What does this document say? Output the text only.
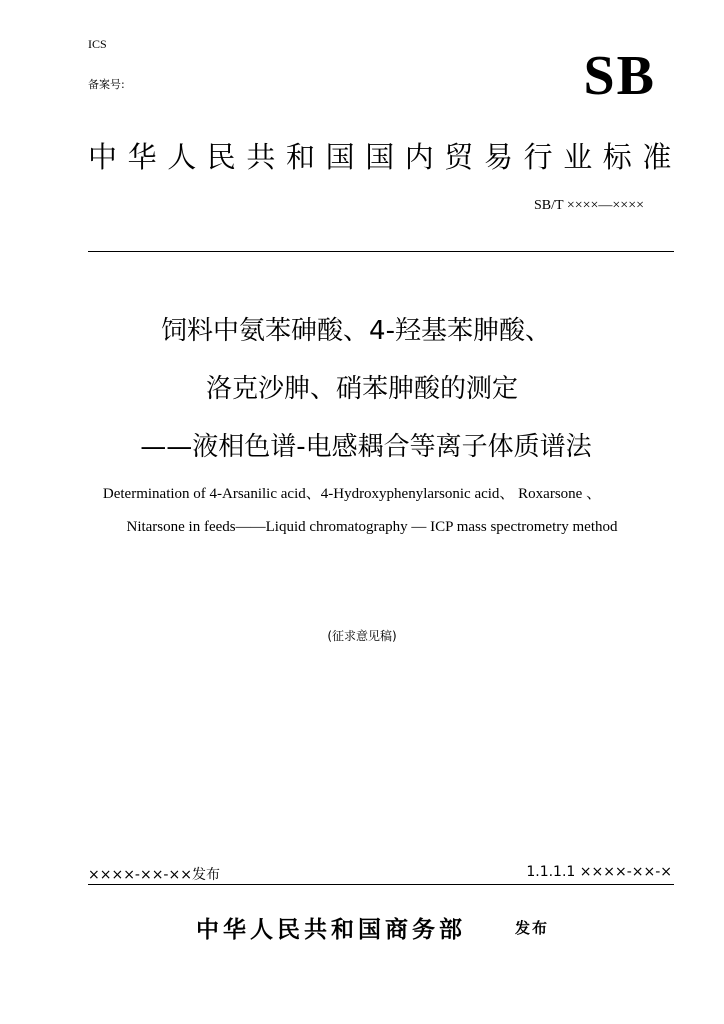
ICS
备案号:	SB
中华人民共和国国内贸易行业标准
SB/T ××××—××××
饲料中氨苯砷酸、4-羟基苯胂酸、
洛克沙胂、硝苯胂酸的测定
——液相色谱-电感耦合等离子体质谱法
Determination of 4-Arsanilic acid、4-Hydroxyphenylarsonic acid、 Roxarsone 、
Nitarsone in feeds——Liquid chromatography — ICP mass spectrometry method
(征求意见稿)
××××-××-××发布	1.1.1.1 ××××-××-×
中华人民共和国商务部	发布
